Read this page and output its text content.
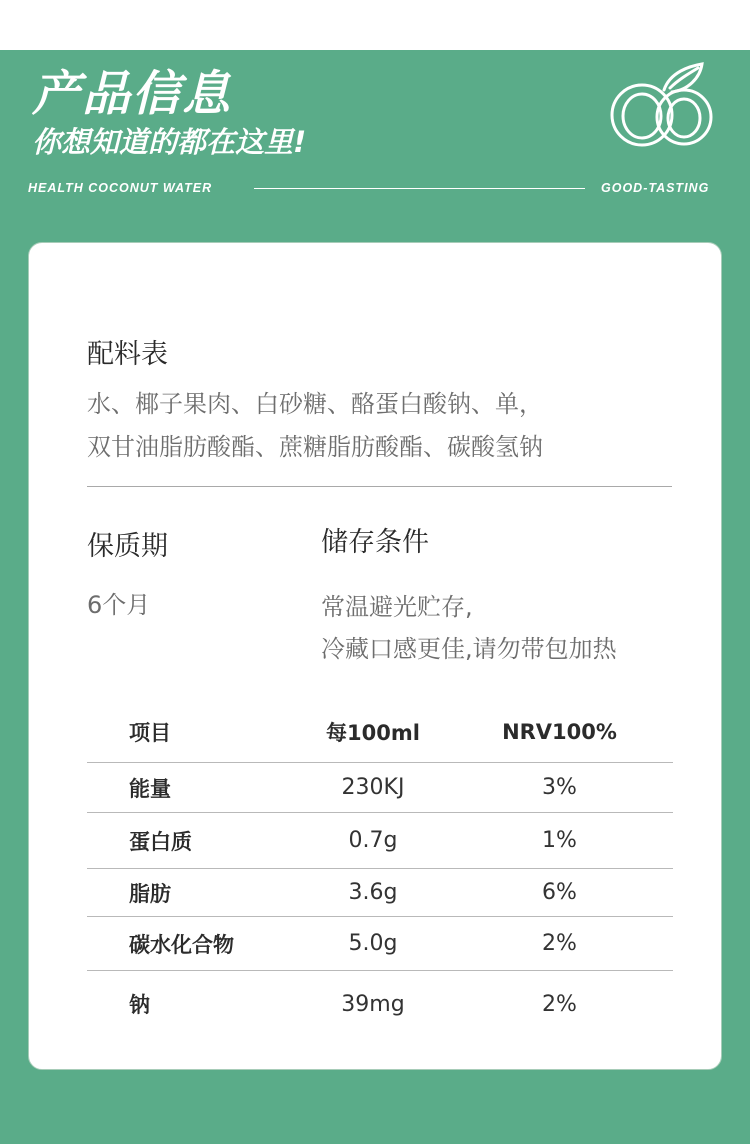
产品信息
你想知道的都在这里!
HEALTH COCONUT WATER	GOOD-TASTING
配料表
水、椰子果肉、白砂糖、酪蛋白酸钠、单，
双甘油脂肪酸酯、蔗糖脂肪酸酯、碳酸氢钠
保质期
6个月
储存条件
常温避光贮存,
冷藏口感更佳,请勿带包加热
项目	每100ml	NRV100%
能量	230KJ	3%
蛋白质	0.7g	1%
脂肪	3.6g	6%
碳水化合物	5.0g	2%
钠	39mg	2%
